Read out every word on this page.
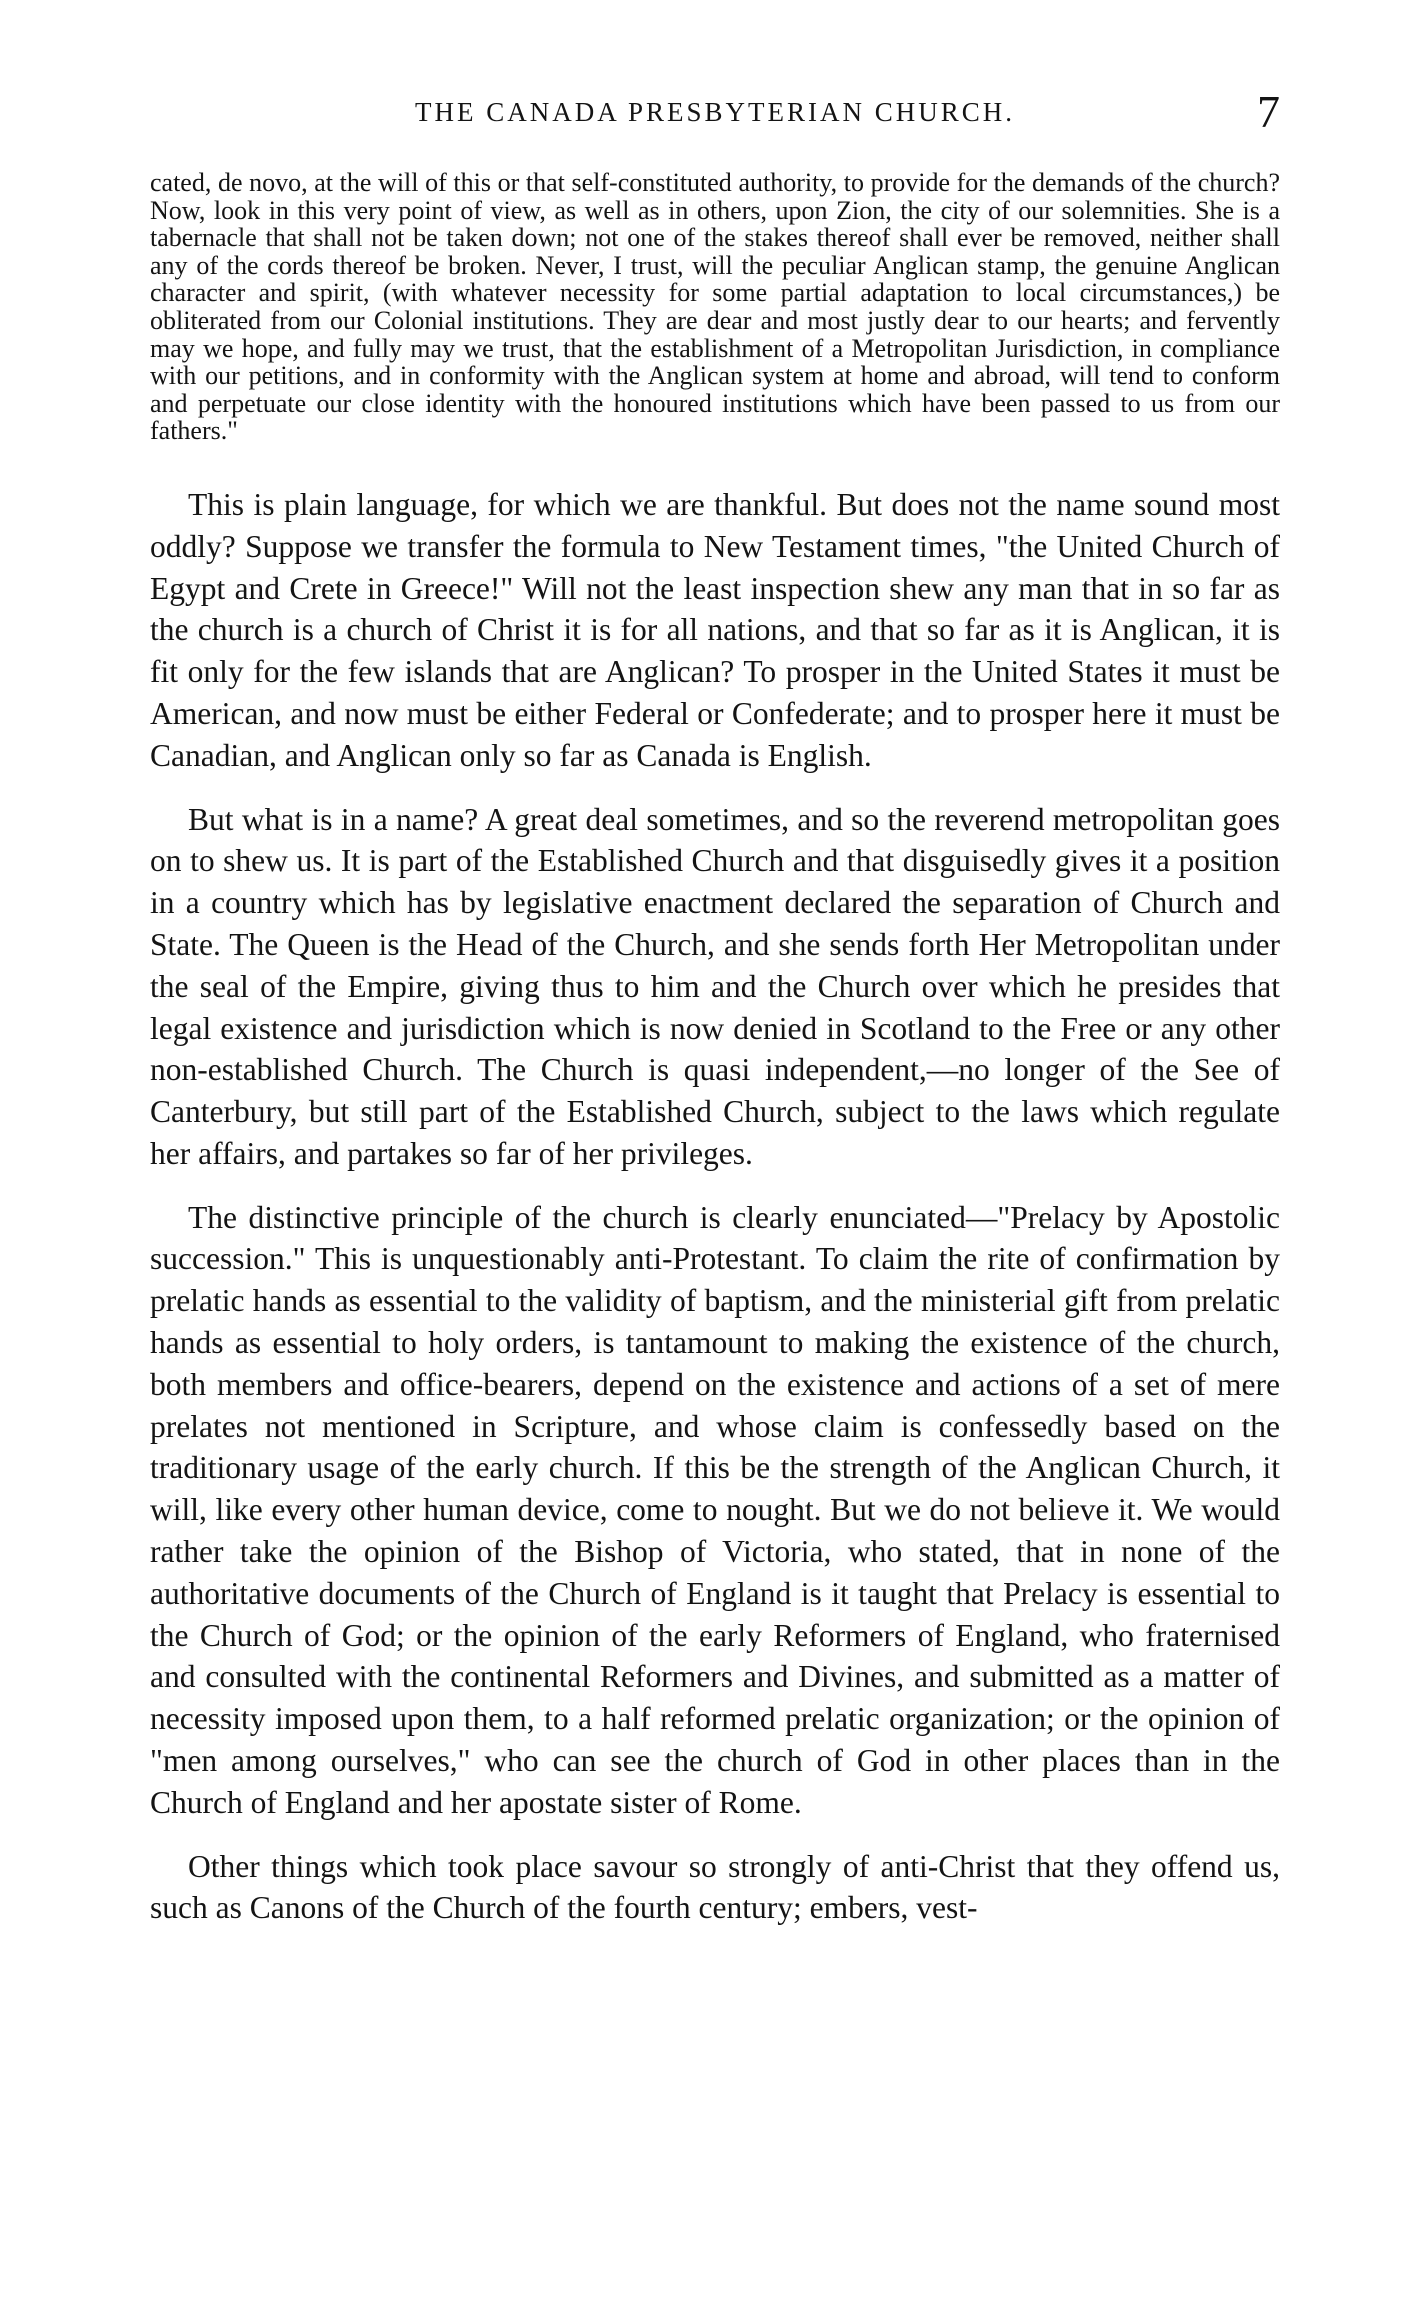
THE CANADA PRESBYTERIAN CHURCH.	7

cated, de novo, at the will of this or that self-constituted authority, to provide for the demands of the church? Now, look in this very point of view, as well as in others, upon Zion, the city of our solemnities. She is a tabernacle that shall not be taken down; not one of the stakes thereof shall ever be removed, neither shall any of the cords thereof be broken. Never, I trust, will the peculiar Anglican stamp, the genuine Anglican character and spirit, (with whatever necessity for some partial adaptation to local circumstances,) be obliterated from our Colonial institutions. They are dear and most justly dear to our hearts; and fervently may we hope, and fully may we trust, that the establishment of a Metropolitan Jurisdiction, in compliance with our petitions, and in conformity with the Anglican system at home and abroad, will tend to conform and perpetuate our close identity with the honoured institutions which have been passed to us from our fathers."

This is plain language, for which we are thankful. But does not the name sound most oddly? Suppose we transfer the formula to New Testament times, "the United Church of Egypt and Crete in Greece!" Will not the least inspection shew any man that in so far as the church is a church of Christ it is for all nations, and that so far as it is Anglican, it is fit only for the few islands that are Anglican? To prosper in the United States it must be American, and now must be either Federal or Confederate; and to prosper here it must be Canadian, and Anglican only so far as Canada is English.

But what is in a name? A great deal sometimes, and so the reverend metropolitan goes on to shew us. It is part of the Established Church and that disguisedly gives it a position in a country which has by legislative enactment declared the separation of Church and State. The Queen is the Head of the Church, and she sends forth Her Metropolitan under the seal of the Empire, giving thus to him and the Church over which he presides that legal existence and jurisdiction which is now denied in Scotland to the Free or any other non-established Church. The Church is quasi independent,—no longer of the See of Canterbury, but still part of the Established Church, subject to the laws which regulate her affairs, and partakes so far of her privileges.

The distinctive principle of the church is clearly enunciated—"Prelacy by Apostolic succession." This is unquestionably anti-Protestant. To claim the rite of confirmation by prelatic hands as essential to the validity of baptism, and the ministerial gift from prelatic hands as essential to holy orders, is tantamount to making the existence of the church, both members and office-bearers, depend on the existence and actions of a set of mere prelates not mentioned in Scripture, and whose claim is confessedly based on the traditionary usage of the early church. If this be the strength of the Anglican Church, it will, like every other human device, come to nought. But we do not believe it. We would rather take the opinion of the Bishop of Victoria, who stated, that in none of the authoritative documents of the Church of England is it taught that Prelacy is essential to the Church of God; or the opinion of the early Reformers of England, who fraternised and consulted with the continental Reformers and Divines, and submitted as a matter of necessity imposed upon them, to a half reformed prelatic organization; or the opinion of "men among ourselves," who can see the church of God in other places than in the Church of England and her apostate sister of Rome.

Other things which took place savour so strongly of anti-Christ that they offend us, such as Canons of the Church of the fourth century; embers, vest-
